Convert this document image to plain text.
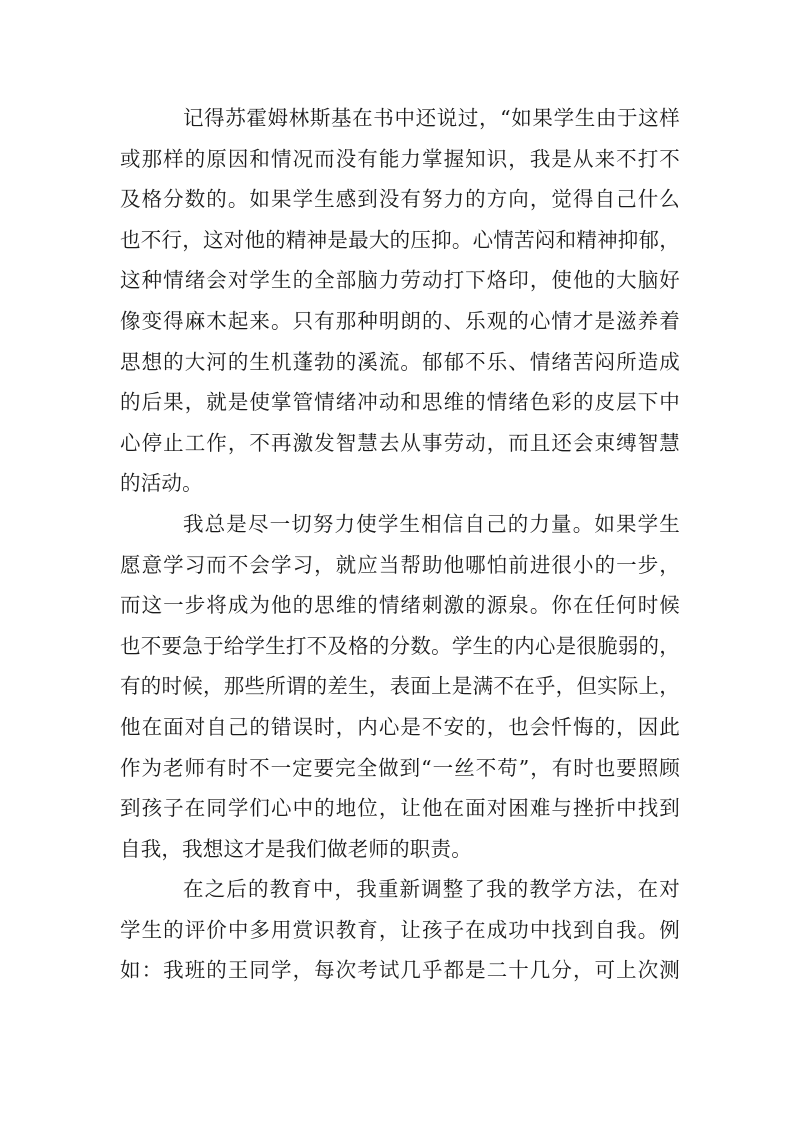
记得苏霍姆林斯基在书中还说过，“如果学生由于这样
或那样的原因和情况而没有能力掌握知识，我是从来不打不
及格分数的。如果学生感到没有努力的方向，觉得自己什么
也不行，这对他的精神是最大的压抑。心情苦闷和精神抑郁，
这种情绪会对学生的全部脑力劳动打下烙印，使他的大脑好
像变得麻木起来。只有那种明朗的、乐观的心情才是滋养着
思想的大河的生机蓬勃的溪流。郁郁不乐、情绪苦闷所造成
的后果，就是使掌管情绪冲动和思维的情绪色彩的皮层下中
心停止工作，不再激发智慧去从事劳动，而且还会束缚智慧
的活动。
我总是尽一切努力使学生相信自己的力量。如果学生
愿意学习而不会学习，就应当帮助他哪怕前进很小的一步，
而这一步将成为他的思维的情绪刺激的源泉。你在任何时候
也不要急于给学生打不及格的分数。学生的内心是很脆弱的，
有的时候，那些所谓的差生，表面上是满不在乎，但实际上，
他在面对自己的错误时，内心是不安的，也会忏悔的，因此
作为老师有时不一定要完全做到“一丝不苟”，有时也要照顾
到孩子在同学们心中的地位，让他在面对困难与挫折中找到
自我，我想这才是我们做老师的职责。
在之后的教育中，我重新调整了我的教学方法，在对
学生的评价中多用赏识教育，让孩子在成功中找到自我。例
如：我班的王同学，每次考试几乎都是二十几分，可上次测
